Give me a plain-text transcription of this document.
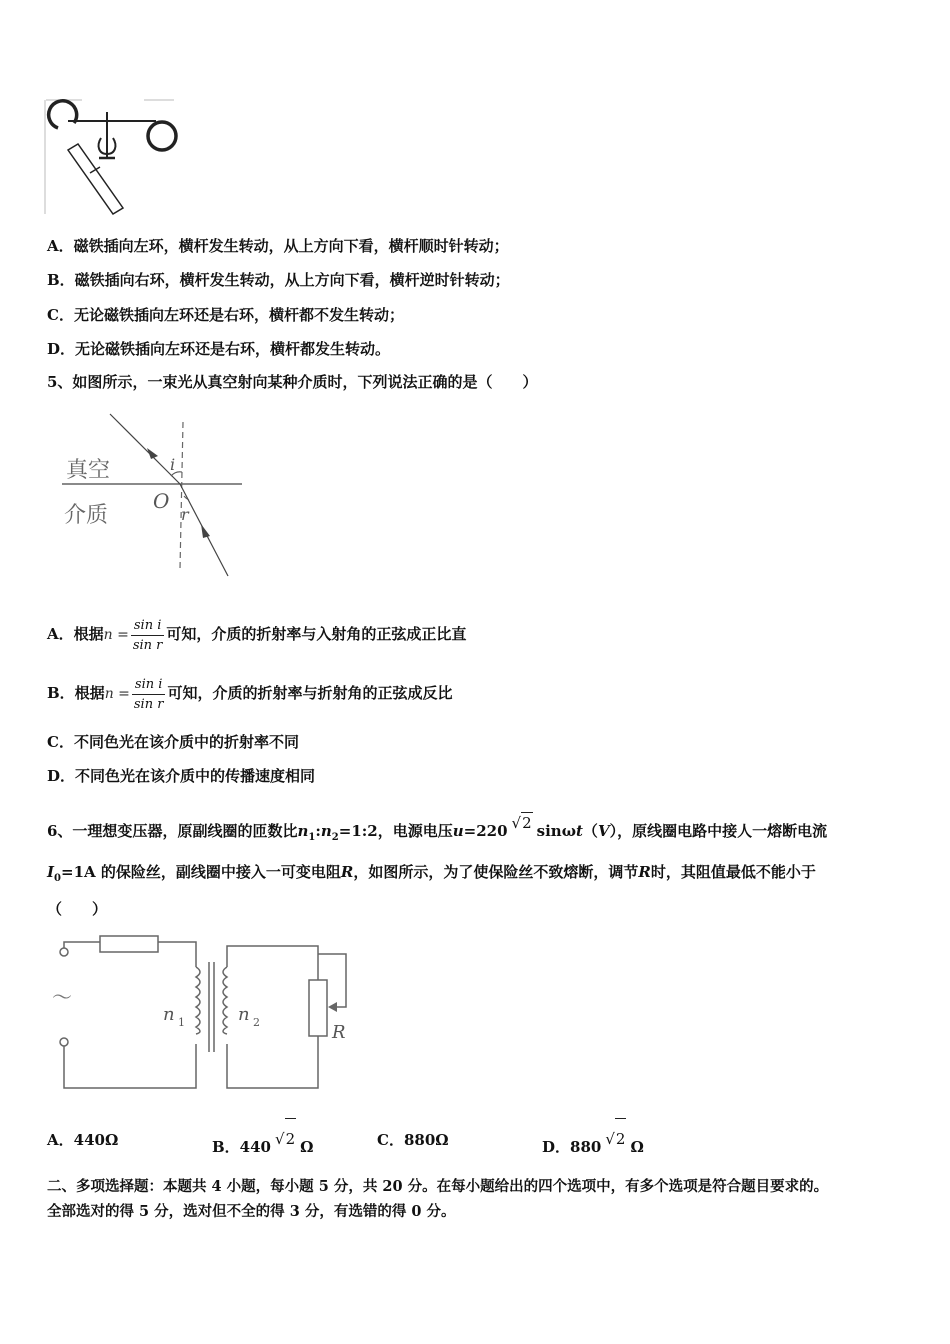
A．磁铁插向左环，横杆发生转动，从上方向下看，横杆顺时针转动；
B．磁铁插向右环，横杆发生转动，从上方向下看，横杆逆时针转动；
C．无论磁铁插向左环还是右环，横杆都不发生转动；
D．无论磁铁插向左环还是右环，横杆都发生转动。
5、如图所示，一束光从真空射向某种介质时，下列说法正确的是（　　）
真空
介质
O
i
r
A．根据$n = \frac{\text{sin i}}{\text{sin r}}$ 可知，介质的折射率与入射角的正弦成正比直
B．根据$n = \frac{\text{sin i}}{\text{sin r}}$ 可知，介质的折射率与折射角的正弦成反比
C．不同色光在该介质中的折射率不同
D．不同色光在该介质中的传播速度相同
6、一理想变压器，原副线圈的匝数比$n_1:n_2=1:2$，电源电压u=220 √2 sinωt（V），原线圈电路中接人一熔断电流
$I_0=1A$ 的保险丝，副线圈中接入一可变电阻R，如图所示，为了使保险丝不致熔断，调节R时，其阻值最低不能小于
（　　）
～
n 1	n 2	R
A．440Ω	B．440 √2 Ω	C．880Ω	D．880 √2 Ω
二、多项选择题：本题共 4 小题，每小题 5 分，共 20 分。在每小题给出的四个选项中，有多个选项是符合题目要求的。
全部选对的得 5 分，选对但不全的得 3 分，有选错的得 0 分。
